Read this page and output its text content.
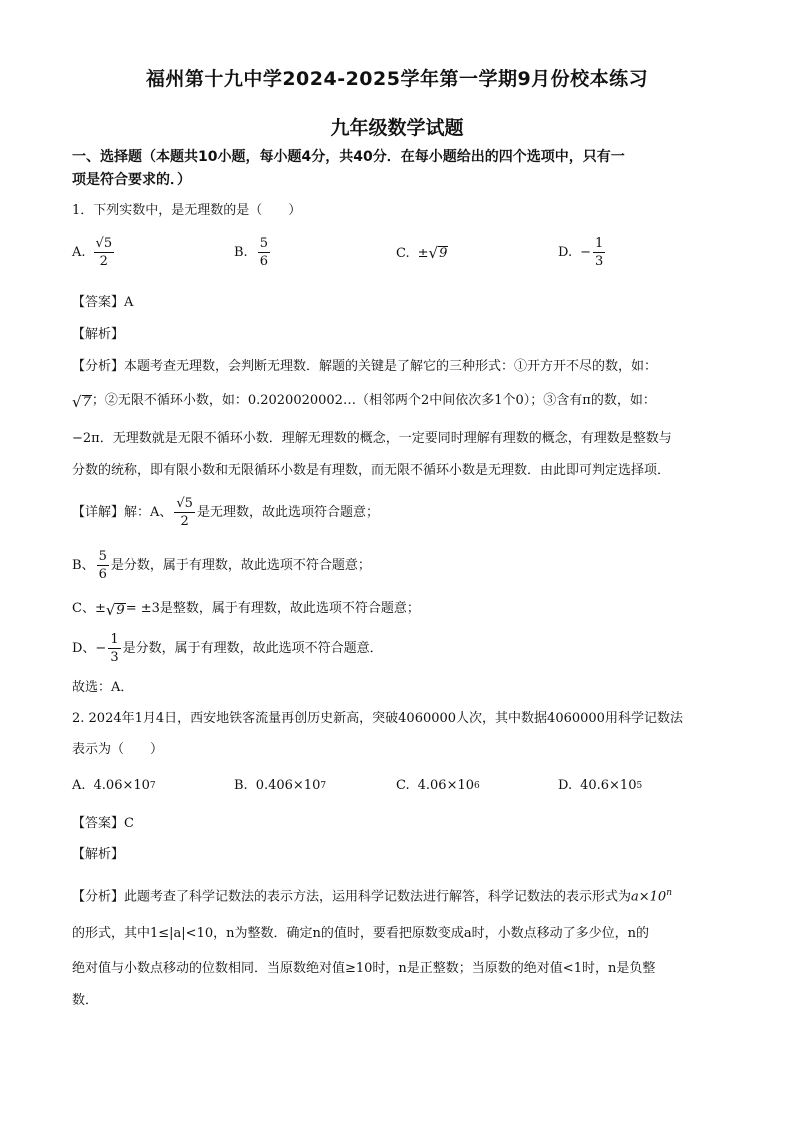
福州第十九中学2024-2025学年第一学期9月份校本练习
九年级数学试题
一、选择题（本题共10小题，每小题4分，共40分．在每小题给出的四个选项中，只有一
项是符合要求的．）
1．下列实数中，是无理数的是（　　）
A. $\frac{√5}{2}$	B. $\frac{5}{6}$	C. ± √ 9	D. − $\frac{1}{3}$
【答案】A
【解析】
【分析】本题考查无理数，会判断无理数．解题的关键是了解它的三种形式：①开方开不尽的数，如：
√ 7 ；②无限不循环小数，如：0.2020020002…（相邻两个2中间依次多1个0）；③含有π的数，如：
−2π．无理数就是无限不循环小数．理解无理数的概念，一定要同时理解有理数的概念，有理数是整数与
分数的统称，即有限小数和无限循环小数是有理数，而无限不循环小数是无理数．由此即可判定选择项．
【详解】解：A、 $\frac{√5}{2}$ 是无理数，故此选项符合题意；
B、 $\frac{5}{6}$ 是分数，属于有理数，故此选项不符合题意；
C、± √ 9 = ±3是整数，属于有理数，故此选项不符合题意；
D、− $\frac{1}{3}$ 是分数，属于有理数，故此选项不符合题意．
故选：A．
2. 2024年1月4日，西安地铁客流量再创历史新高，突破4060000人次，其中数据4060000用科学记数法
表示为（　　）
A. 4.06×10 7	B. 0.406×10 7	C. 4.06×10 6	D. 40.6×10 5
【答案】C
【解析】
【分析】此题考查了科学记数法的表示方法，运用科学记数法进行解答，科学记数法的表示形式为$a\times 10^n$
的形式，其中1≤|a|<10，n为整数．确定n的值时，要看把原数变成a时，小数点移动了多少位，n的
绝对值与小数点移动的位数相同．当原数绝对值≥10时，n是正整数；当原数的绝对值<1时，n是负整
数．
